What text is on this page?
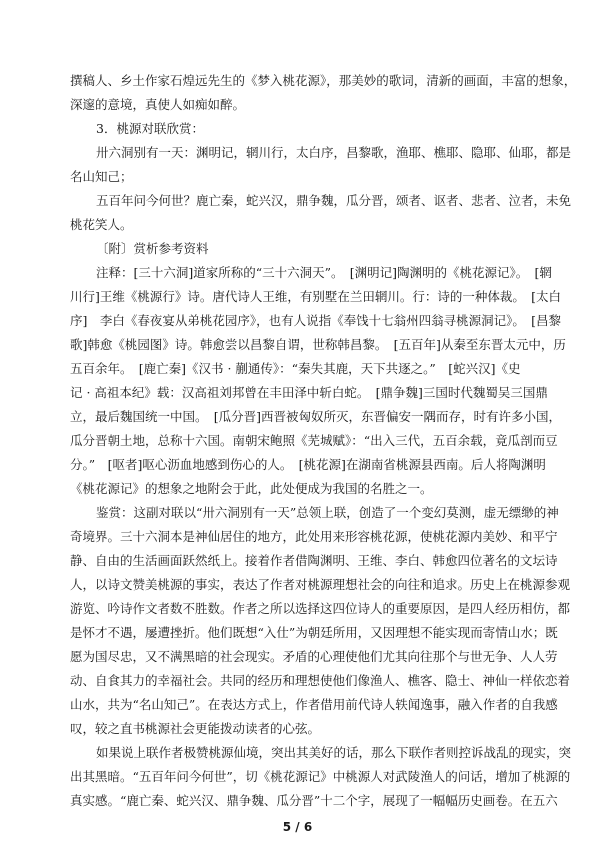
撰稿人、乡土作家石煌远先生的《梦入桃花源》，那美妙的歌词，清新的画面，丰富的想象，
深邃的意境，真使人如痴如醉。
3．桃源对联欣赏：
卅六洞别有一天：渊明记，辋川行，太白序，昌黎歌，渔耶、樵耶、隐耶、仙耶，都是
名山知己；
五百年问今何世？鹿亡秦，蛇兴汉，鼎争魏，瓜分晋，颂者、讴者、悲者、泣者，未免
桃花笑人。
〔附〕赏析参考资料
注释：[三十六洞]道家所称的“三十六洞天”。　[渊明记]陶渊明的《桃花源记》。　[辋
川行]王维《桃源行》诗。唐代诗人王维，有别墅在兰田辋川。行：诗的一种体裁。　[太白
序]　李白《春夜宴从弟桃花园序》，也有人说指《奉饯十七翁州四翁寻桃源洞记》。　[昌黎
歌]韩愈《桃园图》诗。韩愈尝以昌黎自谓，世称韩昌黎。　[五百年]从秦至东晋太元中，历
五百余年。　[鹿亡秦]《汉书 · 蒯通传》：“秦失其鹿，天下共逐之。”　[蛇兴汉]《史
记 · 高祖本纪》载：汉高祖刘邦曾在丰田泽中斩白蛇。　[鼎争魏]三国时代魏蜀吴三国鼎
立，最后魏国统一中国。　[瓜分晋]西晋被匈奴所灭，东晋偏安一隅而存，时有许多小国，
瓜分晋朝土地，总称十六国。南朝宋鲍照《芜城赋》：“出入三代，五百余载，竟瓜剖而豆
分。”　[呕者]呕心沥血地感到伤心的人。　[桃花源]在湖南省桃源县西南。后人将陶渊明
《桃花源记》的想象之地附会于此，此处便成为我国的名胜之一。
鉴赏：这副对联以“卅六洞别有一天”总领上联，创造了一个变幻莫测，虚无缥缈的神
奇境界。三十六洞本是神仙居住的地方，此处用来形容桃花源，使桃花源内美妙、和平宁
静、自由的生活画面跃然纸上。接着作者借陶渊明、王维、李白、韩愈四位著名的文坛诗
人，以诗文赞美桃源的事实，表达了作者对桃源理想社会的向往和追求。历史上在桃源参观
游览、吟诗作文者数不胜数。作者之所以选择这四位诗人的重要原因，是四人经历相仿，都
是怀才不遇，屡遭挫折。他们既想“入仕”为朝廷所用，又因理想不能实现而寄情山水；既
愿为国尽忠，又不满黑暗的社会现实。矛盾的心理使他们尤其向往那个与世无争、人人劳
动、自食其力的幸福社会。共同的经历和理想使他们像渔人、樵客、隐士、神仙一样依恋着
山水，共为“名山知己”。在表达方式上，作者借用前代诗人轶闻逸事，融入作者的自我感
叹，较之直书桃源社会更能拨动读者的心弦。
如果说上联作者极赞桃源仙境，突出其美好的话，那么下联作者则控诉战乱的现实，突
出其黑暗。“五百年问今何世”，切《桃花源记》中桃源人对武陵渔人的问话，增加了桃源的
真实感。“鹿亡秦、蛇兴汉、鼎争魏、瓜分晋”十二个字，展现了一幅幅历史画卷。在五六
5 / 6
